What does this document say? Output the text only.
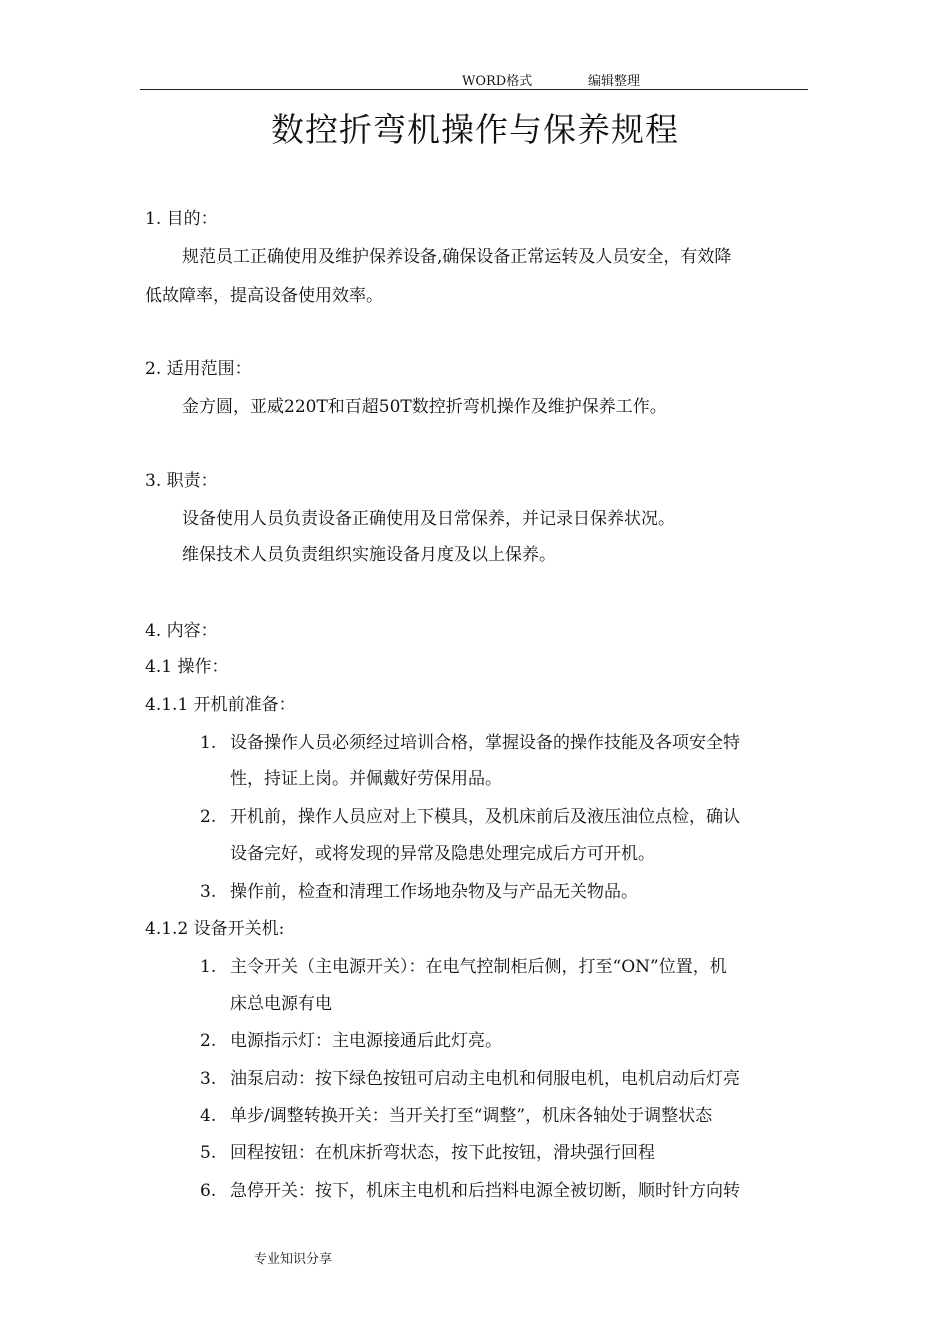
WORD格式	编辑整理
数控折弯机操作与保养规程
1. 目的：
规范员工正确使用及维护保养设备,确保设备正常运转及人员安全，有效降
低故障率，提高设备使用效率。
2. 适用范围：
金方圆，亚威220T和百超50T数控折弯机操作及维护保养工作。
3. 职责：
设备使用人员负责设备正确使用及日常保养，并记录日保养状况。
维保技术人员负责组织实施设备月度及以上保养。
4. 内容：
4.1 操作：
4.1.1 开机前准备：
1. 设备操作人员必须经过培训合格，掌握设备的操作技能及各项安全特
性，持证上岗。并佩戴好劳保用品。
2. 开机前，操作人员应对上下模具，及机床前后及液压油位点检，确认
设备完好，或将发现的异常及隐患处理完成后方可开机。
3. 操作前，检查和清理工作场地杂物及与产品无关物品。
4.1.2 设备开关机:
1. 主令开关（主电源开关）：在电气控制柜后侧，打至“ON”位置，机
床总电源有电
2. 电源指示灯：主电源接通后此灯亮。
3. 油泵启动：按下绿色按钮可启动主电机和伺服电机，电机启动后灯亮
4. 单步/调整转换开关：当开关打至“调整”，机床各轴处于调整状态
5. 回程按钮：在机床折弯状态，按下此按钮，滑块强行回程
6. 急停开关：按下，机床主电机和后挡料电源全被切断，顺时针方向转
专业知识分享
